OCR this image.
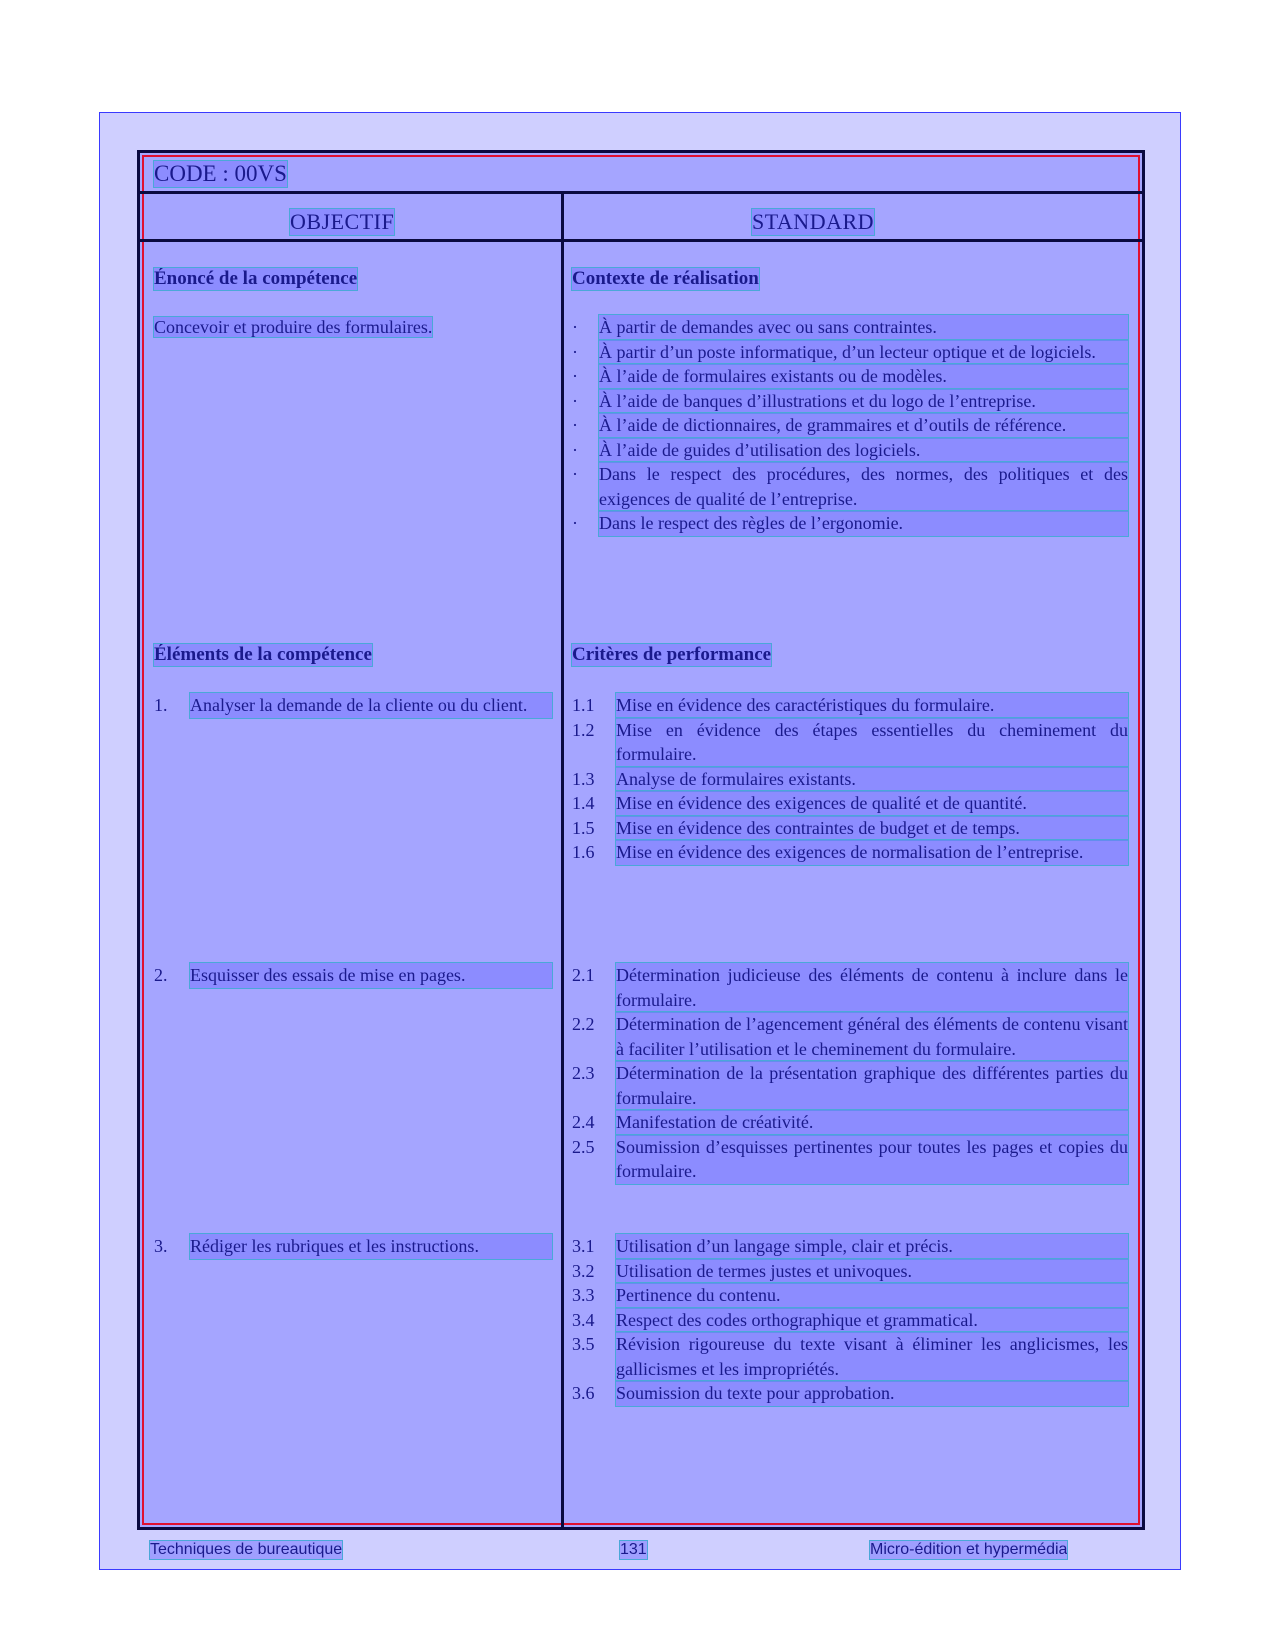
CODE : 00VS
OBJECTIF	STANDARD
Énoncé de la compétence	Contexte de réalisation
Concevoir et produire des formulaires.	·	À partir de demandes avec ou sans contraintes.
·	À partir d’un poste informatique, d’un lecteur optique et de logiciels.
·	À l’aide de formulaires existants ou de modèles.
·	À l’aide de banques d’illustrations et du logo de l’entreprise.
·	À l’aide de dictionnaires, de grammaires et d’outils de référence.
·	À l’aide de guides d’utilisation des logiciels.
·	Dans le respect des procédures, des normes, des politiques et des exigences de qualité de l’entreprise.
·	Dans le respect des règles de l’ergonomie.
Éléments de la compétence	Critères de performance
1.	Analyser la demande de la cliente ou du client.	1.1	Mise en évidence des caractéristiques du formulaire.
1.2	Mise en évidence des étapes essentielles du cheminement du formulaire.
1.3	Analyse de formulaires existants.
1.4	Mise en évidence des exigences de qualité et de quantité.
1.5	Mise en évidence des contraintes de budget et de temps.
1.6	Mise en évidence des exigences de normalisation de l’entreprise.
2.	Esquisser des essais de mise en pages.	2.1	Détermination judicieuse des éléments de contenu à inclure dans le formulaire.
2.2	Détermination de l’agencement général des éléments de contenu visant à faciliter l’utilisation et le cheminement du formulaire.
2.3	Détermination de la présentation graphique des différentes parties du formulaire.
2.4	Manifestation de créativité.
2.5	Soumission d’esquisses pertinentes pour toutes les pages et copies du formulaire.
3.	Rédiger les rubriques et les instructions.	3.1	Utilisation d’un langage simple, clair et précis.
3.2	Utilisation de termes justes et univoques.
3.3	Pertinence du contenu.
3.4	Respect des codes orthographique et grammatical.
3.5	Révision rigoureuse du texte visant à éliminer les anglicismes, les gallicismes et les impropriétés.
3.6	Soumission du texte pour approbation.
Techniques de bureautique	131	Micro-édition et hypermédia
